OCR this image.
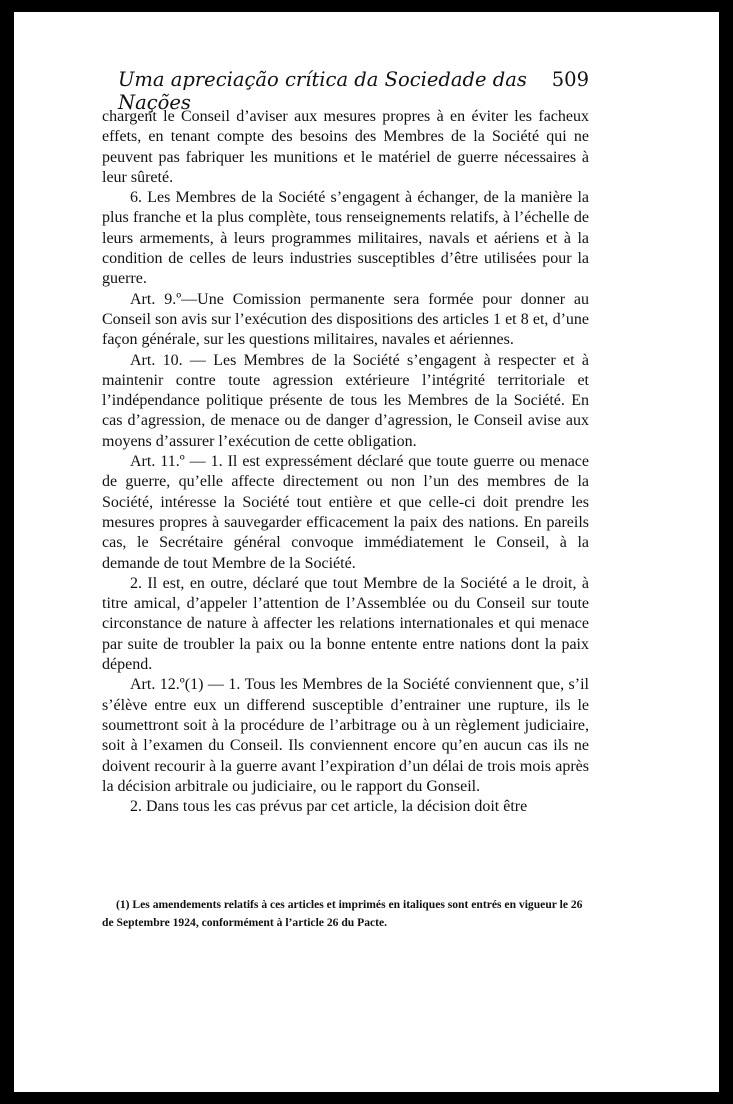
Uma apreciação crítica da Sociedade das Nações
509

chargent le Conseil d’aviser aux mesures propres à en éviter les facheux effets, en tenant compte des besoins des Membres de la Société qui ne peuvent pas fabriquer les munitions et le matériel de guerre nécessaires à leur sûreté.

6. Les Membres de la Société s’engagent à échanger, de la manière la plus franche et la plus complète, tous renseignements relatifs, à l’échelle de leurs armements, à leurs programmes militaires, navals et aériens et à la condition de celles de leurs industries susceptibles d’être utilisées pour la guerre.

Art. 9.º—Une Comission permanente sera formée pour donner au Conseil son avis sur l’exécution des dispositions des articles 1 et 8 et, d’une façon générale, sur les questions militaires, navales et aériennes.

Art. 10. — Les Membres de la Société s’engagent à respecter et à maintenir contre toute agression extérieure l’intégrité territoriale et l’indépendance politique présente de tous les Membres de la Société. En cas d’agression, de menace ou de danger d’agression, le Conseil avise aux moyens d’assurer l’exécution de cette obligation.

Art. 11.º — 1. Il est expressément déclaré que toute guerre ou menace de guerre, qu’elle affecte directement ou non l’un des membres de la Société, intéresse la Société tout entière et que celle-ci doit prendre les mesures propres à sauvegarder efficacement la paix des nations. En pareils cas, le Secrétaire général convoque immédiatement le Conseil, à la demande de tout Membre de la Société.

2. Il est, en outre, déclaré que tout Membre de la Société a le droit, à titre amical, d’appeler l’attention de l’Assemblée ou du Conseil sur toute circonstance de nature à affecter les relations internationales et qui menace par suite de troubler la paix ou la bonne entente entre nations dont la paix dépend.

Art. 12.º(1) — 1. Tous les Membres de la Société conviennent que, s’il s’élève entre eux un differend susceptible d’entrainer une rupture, ils le soumettront soit à la procédure de l’arbitrage ou à un règlement judiciaire, soit à l’examen du Conseil. Ils conviennent encore qu’en aucun cas ils ne doivent recourir à la guerre avant l’expiration d’un délai de trois mois après la décision arbitrale ou judiciaire, ou le rapport du Gonseil.

2. Dans tous les cas prévus par cet article, la décision doit être

(1) Les amendements relatifs à ces articles et imprimés en italiques sont entrés en vigueur le 26 de Septembre 1924, conformément à l’article 26 du Pacte.
